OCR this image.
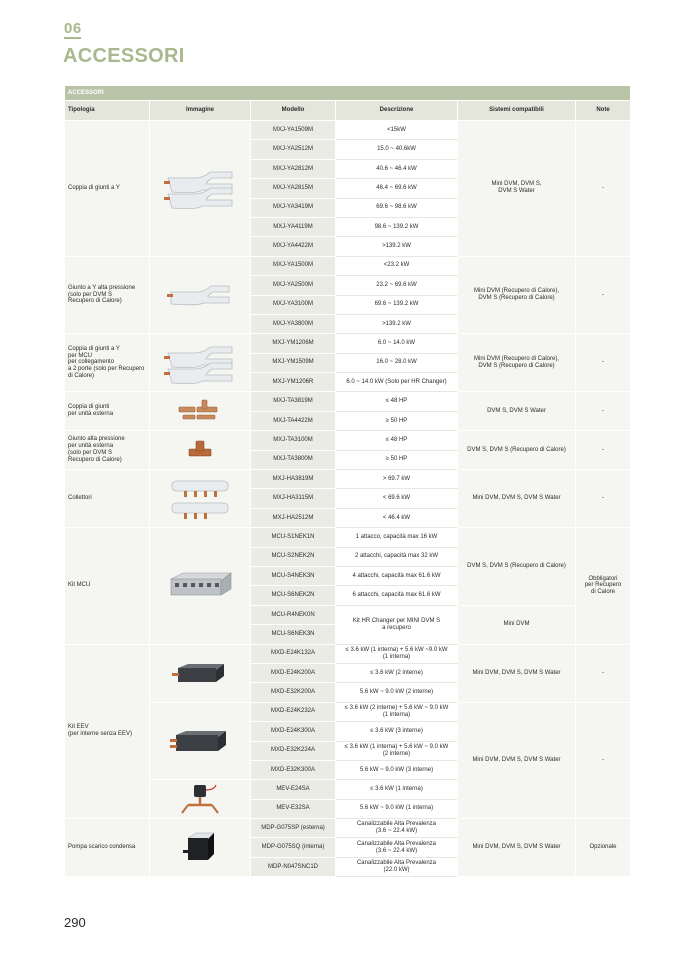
06
ACCESSORI
ACCESSORI					
Tipologia	Immagine	Modello	Descrizione	Sistemi compatibili	Note
Coppia di giunti a Y		MXJ-YA1509M	<15kW	Mini DVM, DVM S,
DVM S Water	-
		MXJ-YA2512M	15.0 ~ 40.6kW		
		MXJ-YA2812M	40.6 ~ 46.4 kW		
		MXJ-YA2815M	46.4 ~ 69.6 kW		
		MXJ-YA3419M	69.6 ~ 98.6 kW		
		MXJ-YA4119M	98.6 ~ 139.2 kW		
		MXJ-YA4422M	>139.2 kW		
Giunto a Y alta pressione
(solo per DVM S
Recupero di Calore)		MXJ-YA1500M	<23.2 kW	Mini DVM (Recupero di Calore),
DVM S (Recupero di Calore)	-
		MXJ-YA2500M	23.2 ~ 69.6 kW		
		MXJ-YA3100M	69.6 ~ 139.2 kW		
		MXJ-YA3800M	>139.2 kW		
Coppia di giunti a Y
per MCU
per collegamento
a 2 porte (solo per Recupero
di Calore)		MXJ-YM1206M	6.0 ~ 14.0 kW	Mini DVM (Recupero di Calore),
DVM S (Recupero di Calore)	-
		MXJ-YM1509M	16.0 ~ 28.0 kW		
		MXJ-YM1206R	6.0 ~ 14.0 kW (Solo per HR Changer)		
Coppia di giunti
per unità esterna		MXJ-TA3819M	≤ 48 HP	DVM S, DVM S Water	-
		MXJ-TA4422M	≥ 50 HP		
Giunto alta pressione
per unità esterna
(solo per DVM S
Recupero di Calore)		MXJ-TA3100M	≤ 48 HP	DVM S, DVM S (Recupero di Calore)	-
		MXJ-TA3800M	≥ 50 HP		
Collettori		MXJ-HA3819M	> 69.7 kW	Mini DVM, DVM S, DVM S Water	-
		MXJ-HA3115M	< 69.6 kW		
		MXJ-HA2512M	< 46.4 kW		
Kit MCU		MCU-S1NEK1N	1 attacco, capacità max 16 kW	DVM S, DVM S (Recupero di Calore)	Obbligatori
per Recupero
di Calore
		MCU-S2NEK2N	2 attacchi, capacità max 32 kW		
		MCU-S4NEK3N	4 attacchi, capacità max 61.6 kW		
		MCU-S6NEK2N	6 attacchi, capacità max 61.6 kW		
		MCU-R4NEK0N	Kit HR Changer per MINI DVM S
a recupero	Mini DVM	
		MCU-S6NEK3N			
Kit EEV
(per interne senza EEV)		MXD-E24K132A	≤ 3.6 kW (1 interna) + 5.6 kW ~9.0 kW
(1 interna)	Mini DVM, DVM S, DVM S Water	-
		MXD-E24K200A	≤ 3.6 kW (2 interne)		
		MXD-E32K200A	5.6 kW ~ 9.0 kW (2 interne)		

	MXD-E24K232A	≤ 3.6 kW (2 interne) + 5.6 kW ~ 9.0 kW
(1 interna)	Mini DVM, DVM S, DVM S Water	-
		MXD-E24K300A	≤ 3.6 kW (3 interne)		
		MXD-E32K224A	≤ 3.6 kW (1 interna) + 5.6 kW ~ 9.0 kW
(2 interne)		
		MXD-E32K300A	5.6 kW ~ 9.0 kW (3 interne)		

	MEV-E24SA	≤ 3.6 kW (1 interna)		
		MEV-E32SA	5.6 kW ~ 9.0 kW (1 interna)		
Pompa scarico condensa		MDP-G075SP (esterna)	Canalizzabile Alta Prevalenza
(3.6 ~ 22.4 kW)	Mini DVM, DVM S, DVM S Water	Opzionale
		MDP-G075SQ (interna)	Canalizzabile Alta Prevalenza
(3.6 ~ 22.4 kW)		
		MDP-N047SNC1D	Canalizzabile Alta Prevalenza
(22.0 kW)		
290
